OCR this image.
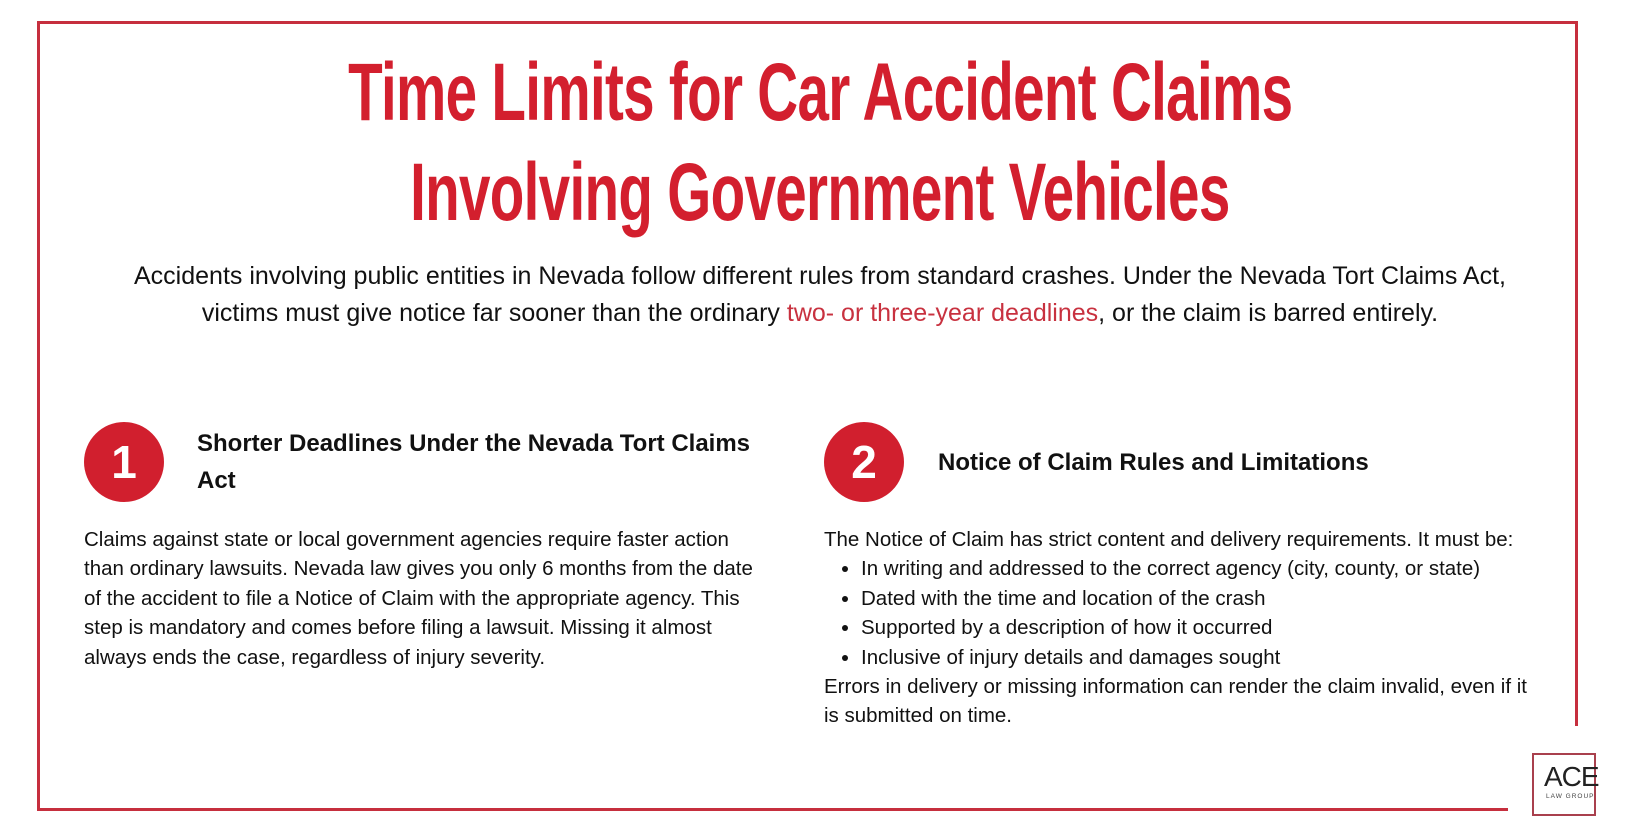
Time Limits for Car Accident Claims
Involving Government Vehicles
Accidents involving public entities in Nevada follow different rules from standard crashes. Under the Nevada Tort Claims Act, victims must give notice far sooner than the ordinary two- or three-year deadlines, or the claim is barred entirely.
1	Shorter Deadlines Under the Nevada Tort Claims Act
Claims against state or local government agencies require faster action than ordinary lawsuits. Nevada law gives you only 6 months from the date of the accident to file a Notice of Claim with the appropriate agency. This step is mandatory and comes before filing a lawsuit. Missing it almost always ends the case, regardless of injury severity.
2	Notice of Claim Rules and Limitations
The Notice of Claim has strict content and delivery requirements. It must be:
• In writing and addressed to the correct agency (city, county, or state)
• Dated with the time and location of the crash
• Supported by a description of how it occurred
• Inclusive of injury details and damages sought
Errors in delivery or missing information can render the claim invalid, even if it is submitted on time.
ACE
LAW GROUP
